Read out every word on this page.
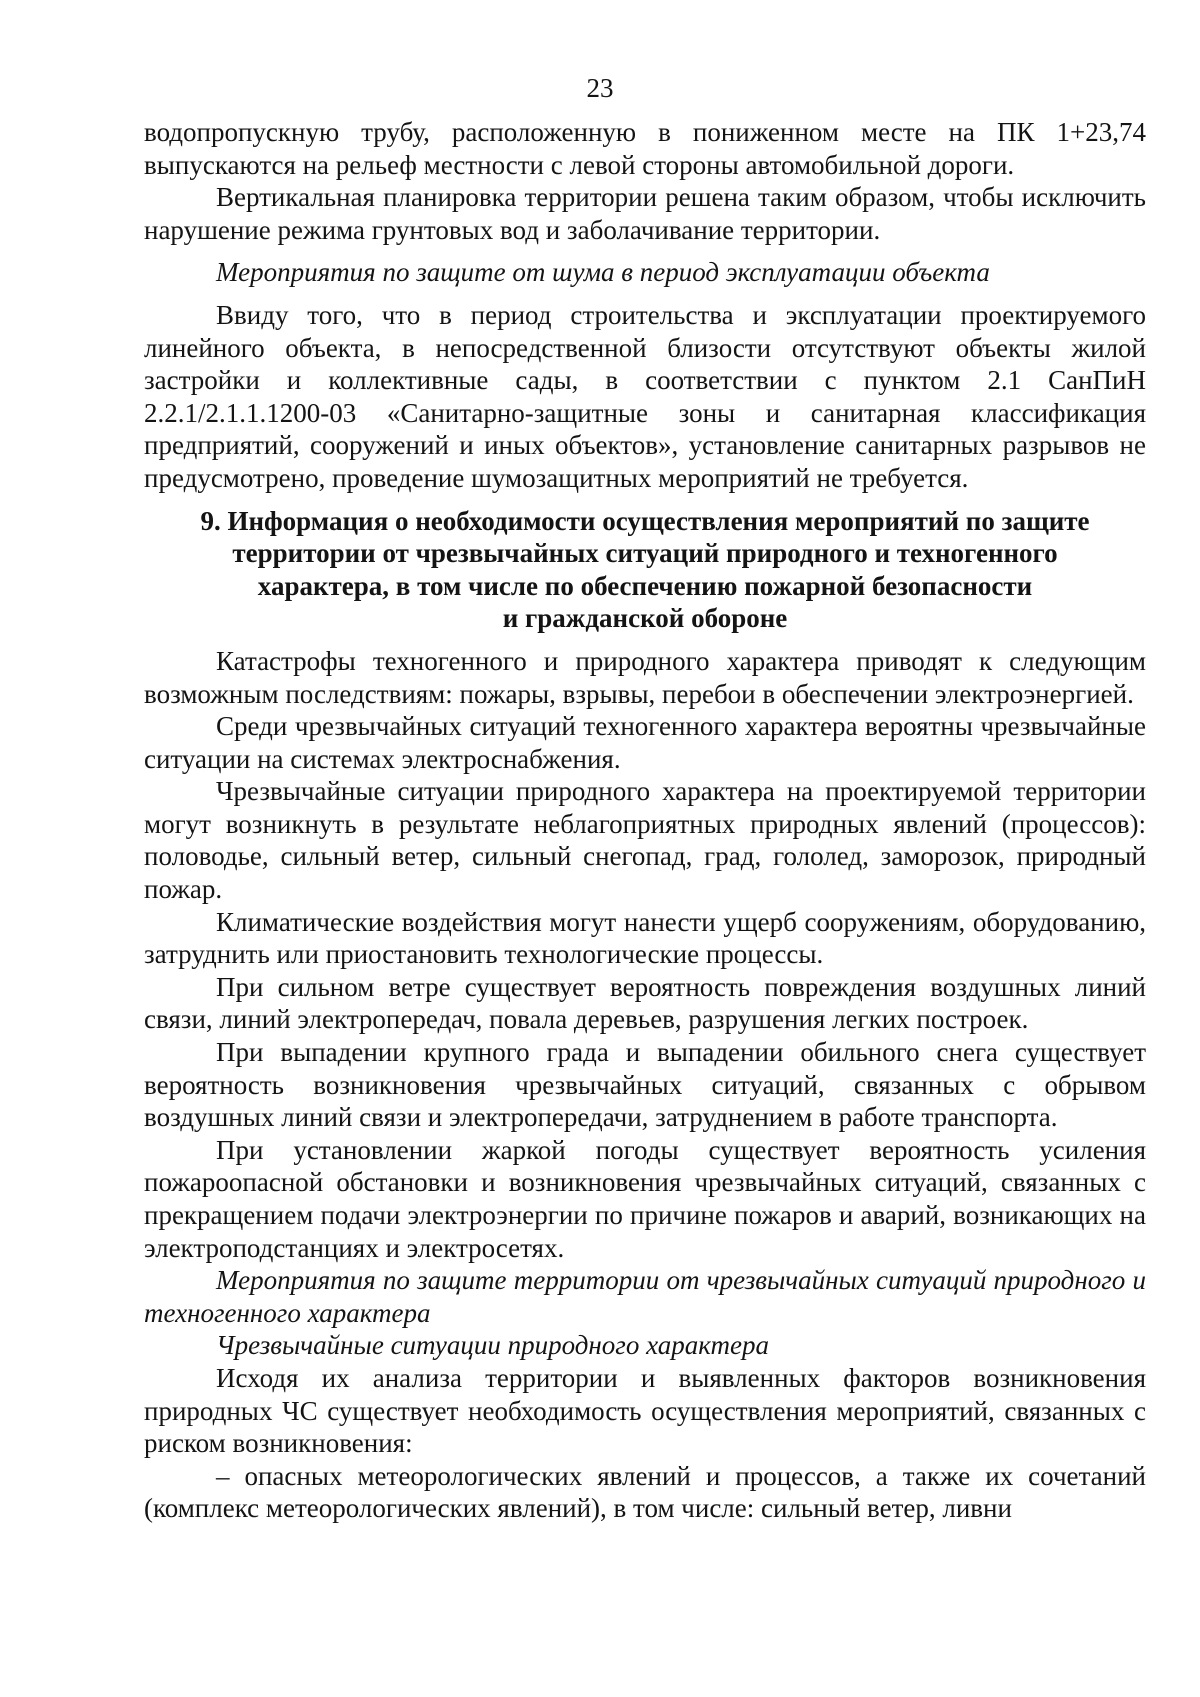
23

водопропускную трубу, расположенную в пониженном месте на ПК 1+23,74 выпускаются на рельеф местности с левой стороны автомобильной дороги.

Вертикальная планировка территории решена таким образом, чтобы исключить нарушение режима грунтовых вод и заболачивание территории.

Мероприятия по защите от шума в период эксплуатации объекта

Ввиду того, что в период строительства и эксплуатации проектируемого линейного объекта, в непосредственной близости отсутствуют объекты жилой застройки и коллективные сады, в соответствии с пунктом 2.1 СанПиН 2.2.1/2.1.1.1200-03 «Санитарно-защитные зоны и санитарная классификация предприятий, сооружений и иных объектов», установление санитарных разрывов не предусмотрено, проведение шумозащитных мероприятий не требуется.

9. Информация о необходимости осуществления мероприятий по защите
территории от чрезвычайных ситуаций природного и техногенного
характера, в том числе по обеспечению пожарной безопасности
и гражданской обороне

Катастрофы техногенного и природного характера приводят к следующим возможным последствиям: пожары, взрывы, перебои в обеспечении электроэнергией.

Среди чрезвычайных ситуаций техногенного характера вероятны чрезвычайные ситуации на системах электроснабжения.

Чрезвычайные ситуации природного характера на проектируемой территории могут возникнуть в результате неблагоприятных природных явлений (процессов): половодье, сильный ветер, сильный снегопад, град, гололед, заморозок, природный пожар.

Климатические воздействия могут нанести ущерб сооружениям, оборудованию, затруднить или приостановить технологические процессы.

При сильном ветре существует вероятность повреждения воздушных линий связи, линий электропередач, повала деревьев, разрушения легких построек.

При выпадении крупного града и выпадении обильного снега существует вероятность возникновения чрезвычайных ситуаций, связанных с обрывом воздушных линий связи и электропередачи, затруднением в работе транспорта.

При установлении жаркой погоды существует вероятность усиления пожароопасной обстановки и возникновения чрезвычайных ситуаций, связанных с прекращением подачи электроэнергии по причине пожаров и аварий, возникающих на электроподстанциях и электросетях.

Мероприятия по защите территории от чрезвычайных ситуаций природного и техногенного характера

Чрезвычайные ситуации природного характера

Исходя их анализа территории и выявленных факторов возникновения природных ЧС существует необходимость осуществления мероприятий, связанных с риском возникновения:

– опасных метеорологических явлений и процессов, а также их сочетаний (комплекс метеорологических явлений), в том числе: сильный ветер, ливни
